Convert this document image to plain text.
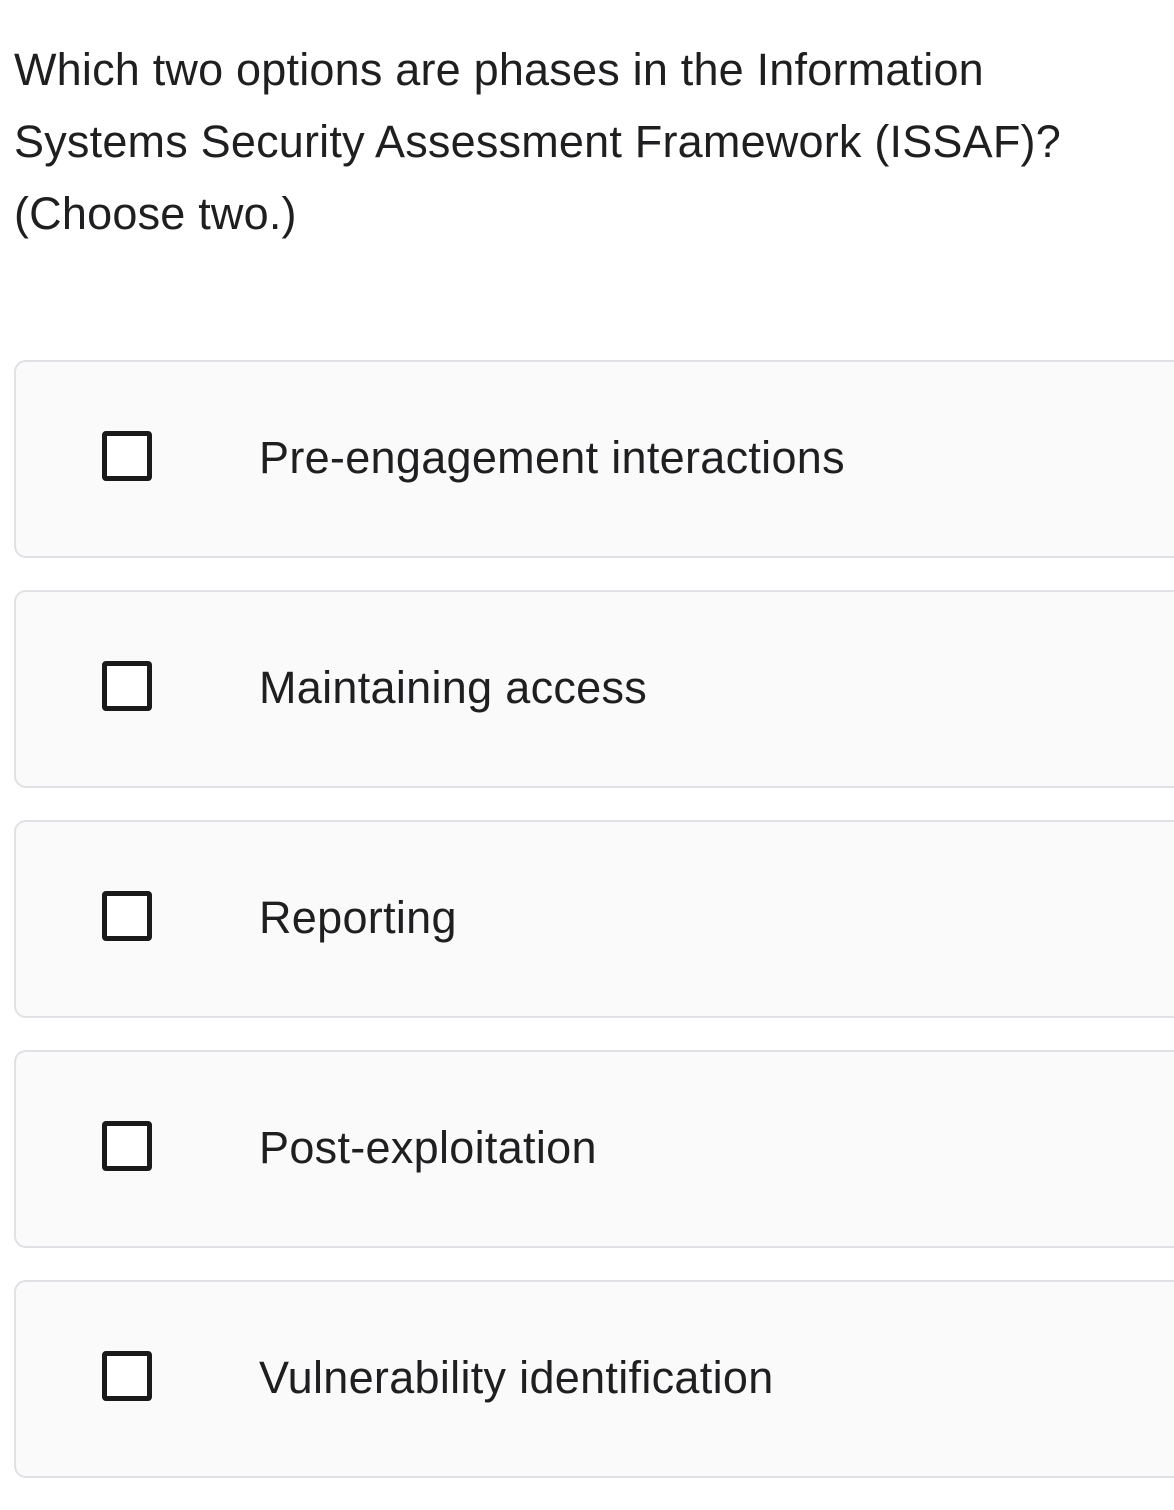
Which two options are phases in the Information
Systems Security Assessment Framework (ISSAF)?
(Choose two.)

Pre-engagement interactions
Maintaining access
Reporting
Post-exploitation
Vulnerability identification
